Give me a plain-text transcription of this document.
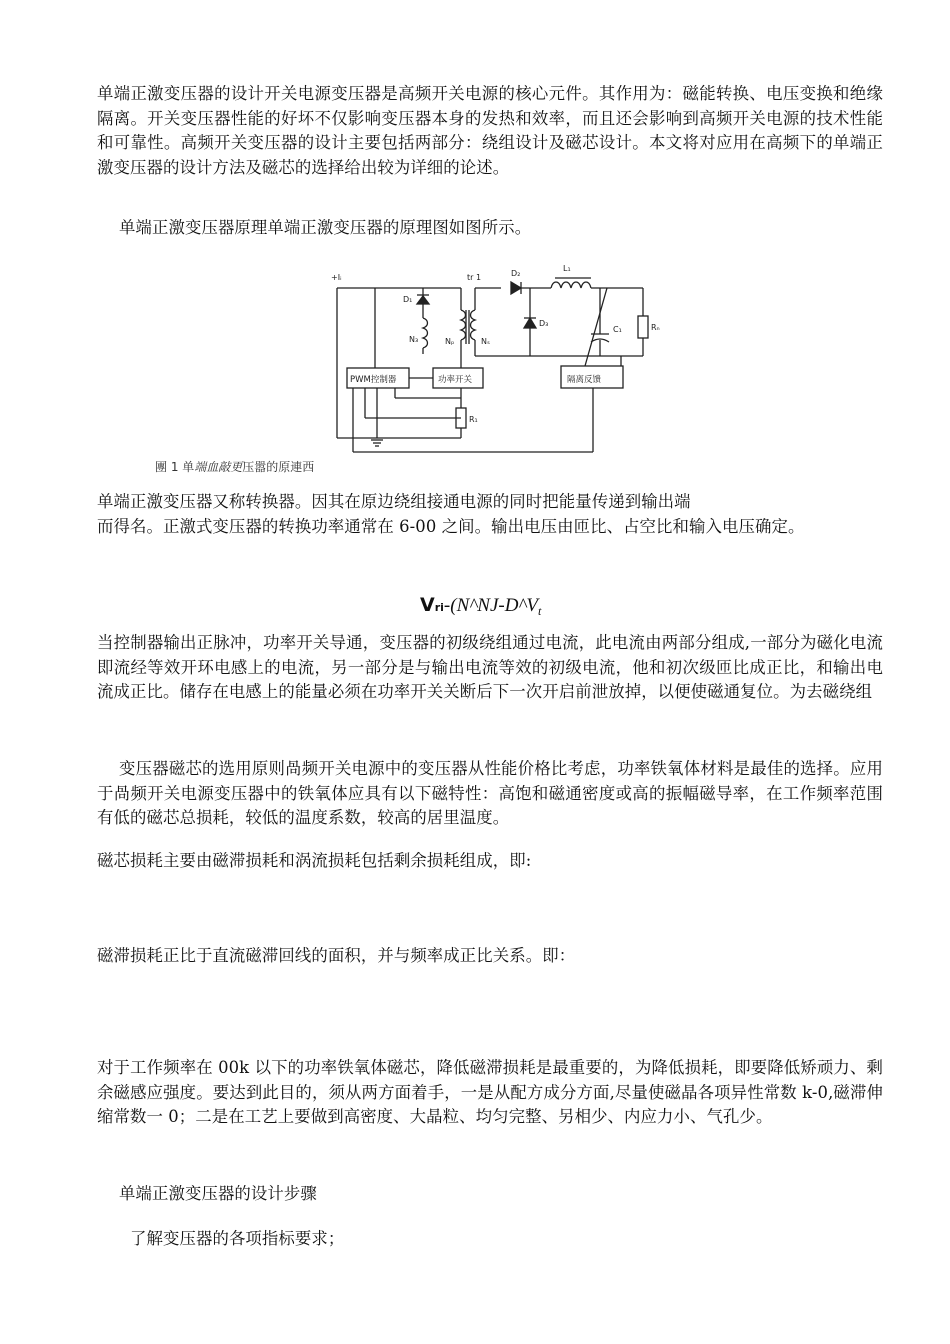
单端正激变压器的设计开关电源变压器是高频开关电源的核心元件。其作用为：磁能转换、电压变换和绝缘隔离。开关变压器性能的好坏不仅影响变压器本身的发热和效率，而且还会影响到高频开关电源的技术性能和可靠性。高频开关变压器的设计主要包括两部分：绕组设计及磁芯设计。本文将对应用在高频下的单端正激变压器的设计方法及磁芯的选择给出较为详细的论述。
单端正激变压器原理单端正激变压器的原理图如图所示。
+Iᵢ	tr 1
D₁
D₂
D₃
L₁
N₃	Nₚ	Nₛ
C₁	Rₙ
R₁
PWM控制器	功率开关	隔离反馈
團 1 单端血敲更压嚣的原連西
单端正激变压器又称转换器。因其在原边绕组接通电源的同时把能量传递到输出端
而得名。正激式变压器的转换功率通常在 6-00 之间。输出电压由匝比、占空比和输入电压确定。
Vri-($N\^{}NJ-D\^{}V_t$
当控制器输出正脉冲，功率开关导通，变压器的初级绕组通过电流，此电流由两部分组成,一部分为磁化电流即流经等效开环电感上的电流，另一部分是与输出电流等效的初级电流，他和初次级匝比成正比，和输出电流成正比。储存在电感上的能量必须在功率开关关断后下一次开启前泄放掉，以便使磁通复位。为去磁绕组
变压器磁芯的选用原则咼频开关电源中的变压器从性能价格比考虑，功率铁氧体材料是最佳的选择。应用于咼频开关电源变压器中的铁氧体应具有以下磁特性：高饱和磁通密度或高的振幅磁导率，在工作频率范围有低的磁芯总损耗，较低的温度系数，较高的居里温度。
磁芯损耗主要由磁滞损耗和涡流损耗包括剩余损耗组成，即:
磁滞损耗正比于直流磁滞回线的面积，并与频率成正比关系。即：
对于工作频率在 00k 以下的功率铁氧体磁芯，降低磁滞损耗是最重要的，为降低损耗，即要降低矫顽力、剩余磁感应强度。要达到此目的，须从两方面着手，一是从配方成分方面,尽量使磁晶各项异性常数 k-0,磁滞伸缩常数一 0；二是在工艺上要做到高密度、大晶粒、均匀完整、另相少、内应力小、气孔少。
单端正激变压器的设计步骤
了解变压器的各项指标要求；
